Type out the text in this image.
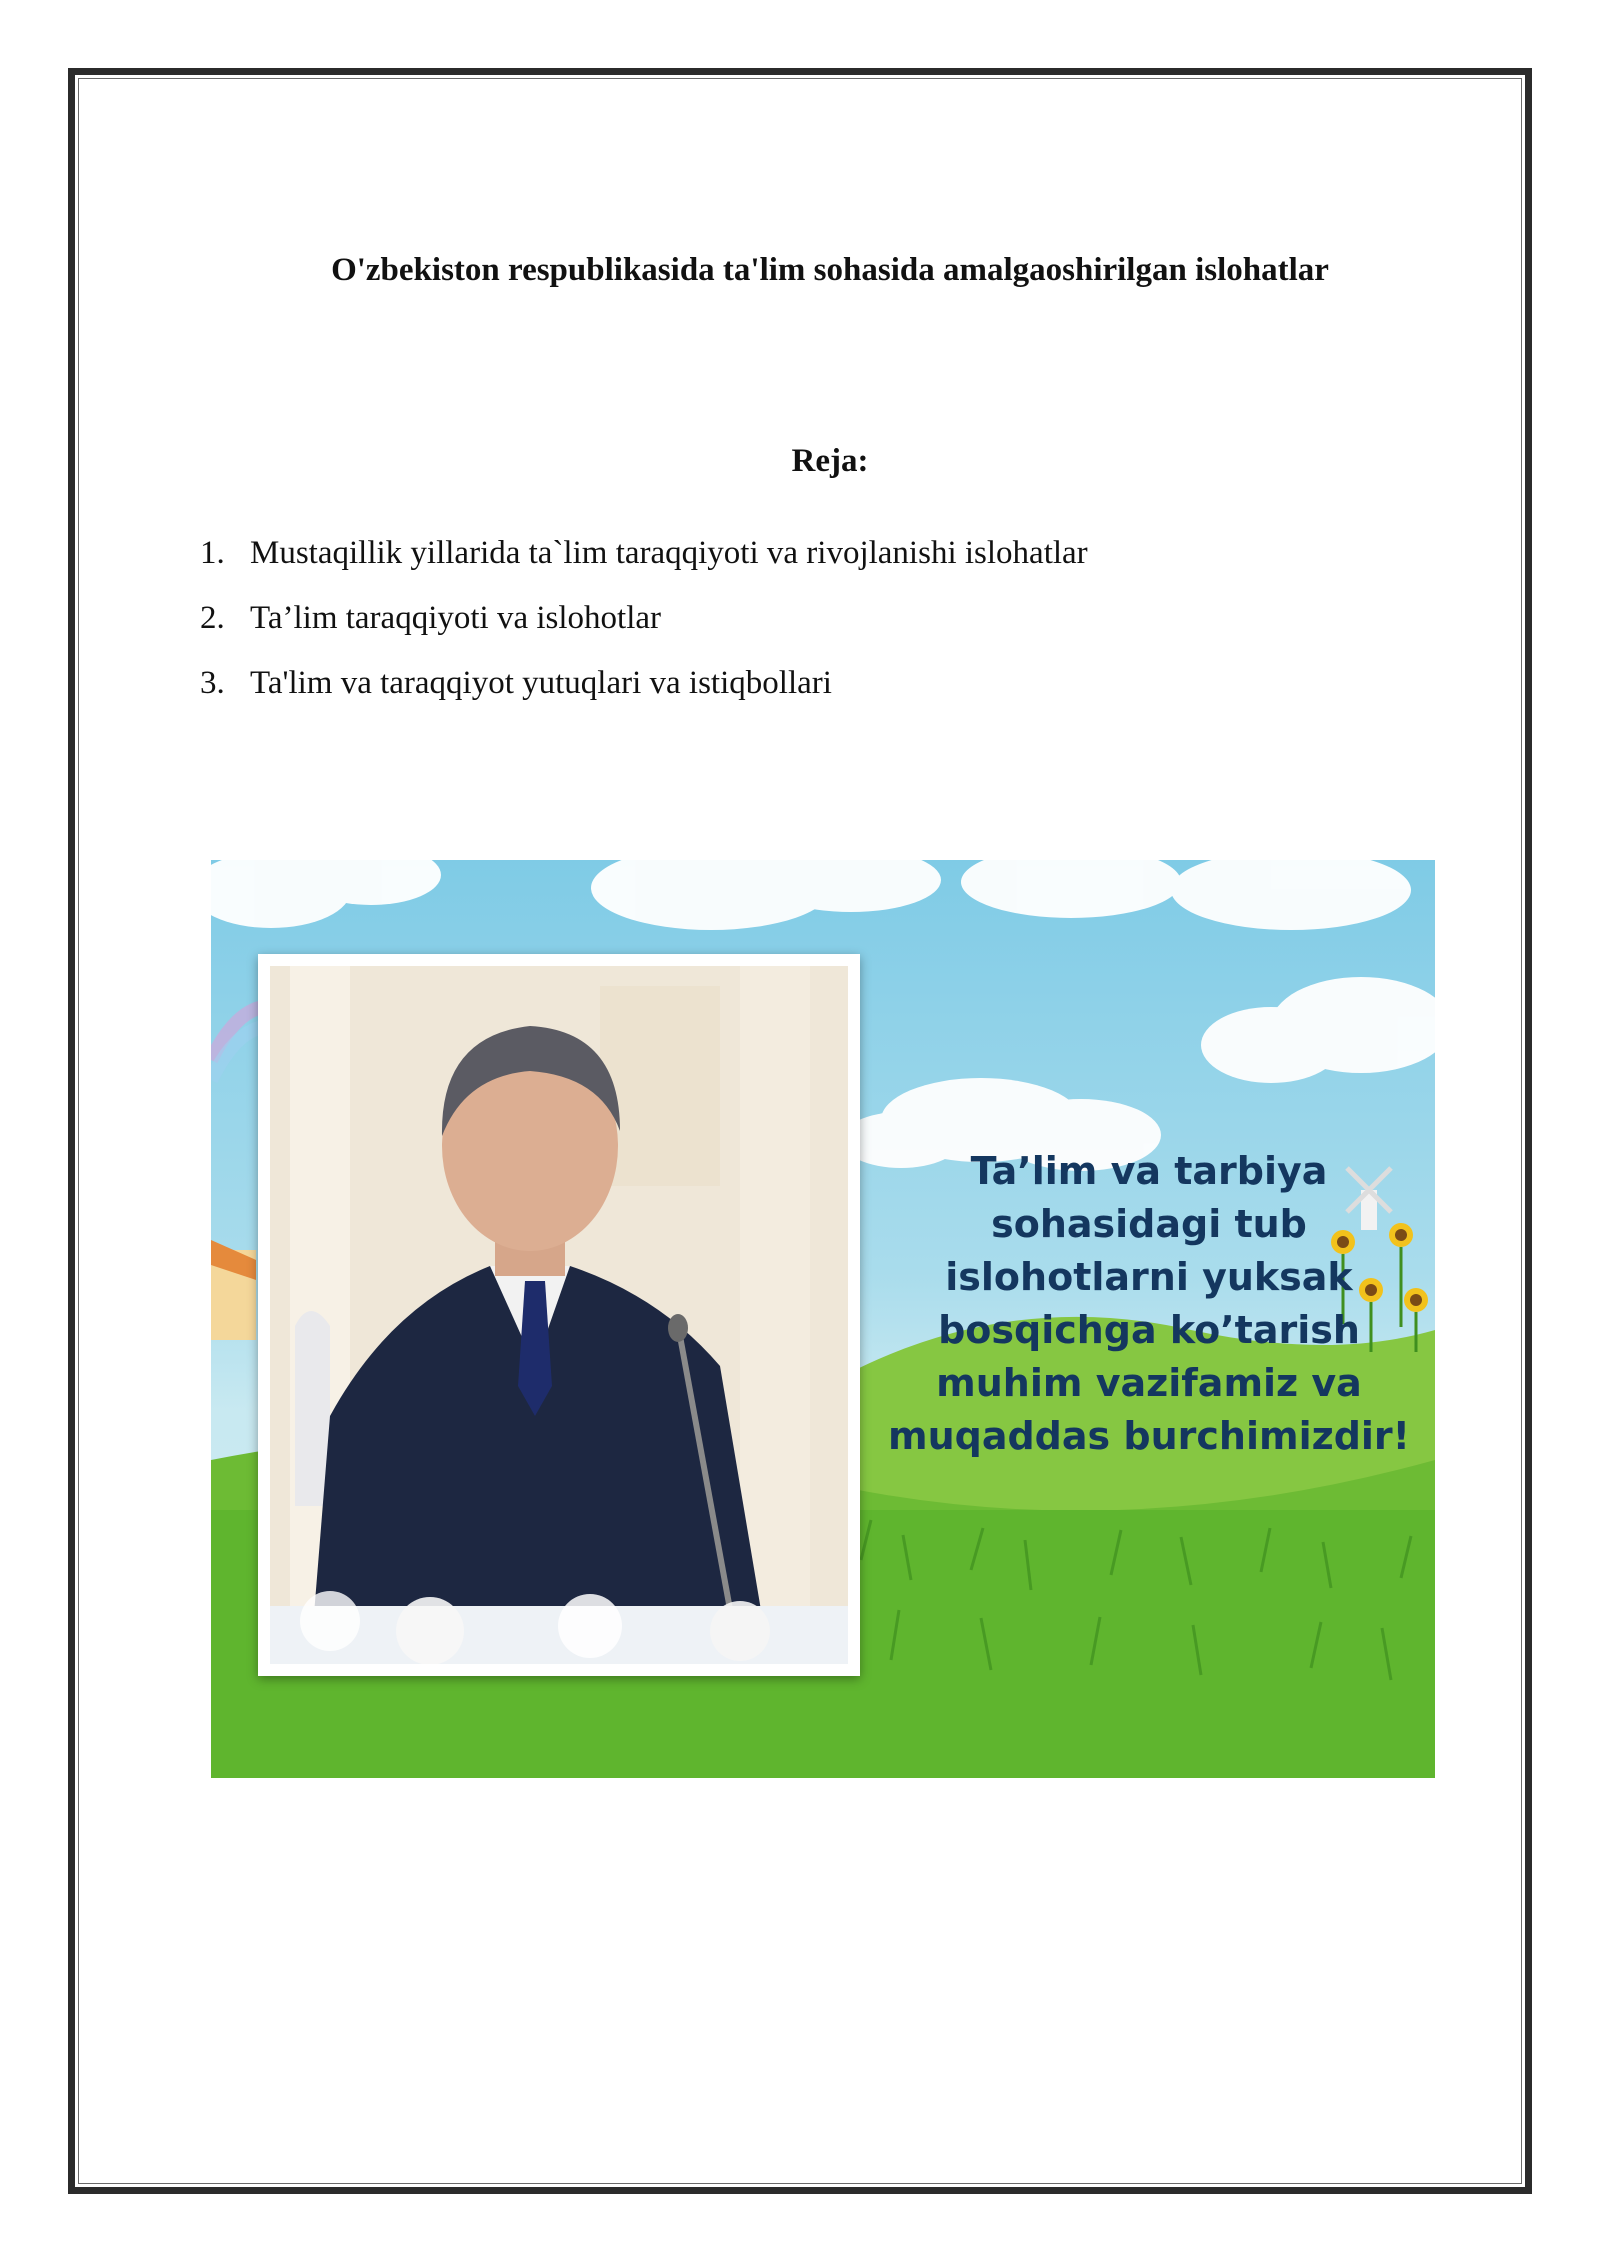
O'zbekiston respublikasida ta'lim sohasida amalgaoshirilgan islohatlar
Reja:
1. Mustaqillik yillarida ta`lim taraqqiyoti va rivojlanishi islohatlar
2. Ta’lim taraqqiyoti va islohotlar
3. Ta'lim va taraqqiyot yutuqlari va istiqbollari
Ta’lim va tarbiya
sohasidagi tub
islohotlarni yuksak
bosqichga ko’tarish
muhim vazifamiz va
muqaddas burchimizdir!
